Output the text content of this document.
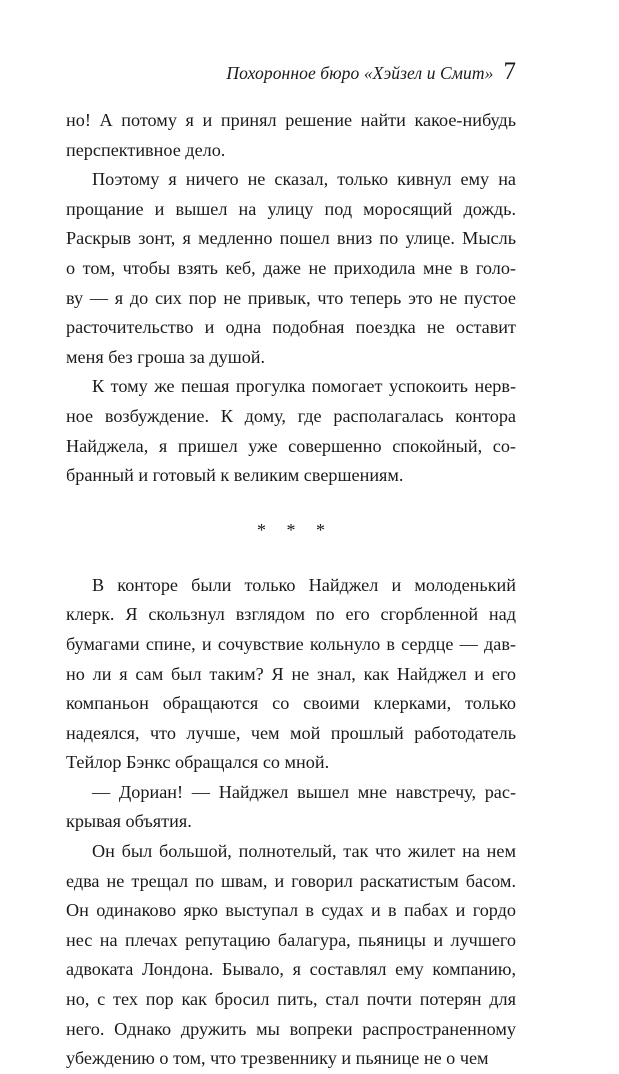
Похоронное бюро «Хэйзел и Смит» 7

но! А потому я и принял решение найти какое-нибудь
перспективное дело.

Поэтому я ничего не сказал, только кивнул ему на
прощание и вышел на улицу под моросящий дождь.
Раскрыв зонт, я медленно пошел вниз по улице. Мысль
о том, чтобы взять кеб, даже не приходила мне в голо-
ву — я до сих пор не привык, что теперь это не пустое
расточительство и одна подобная поездка не оставит
меня без гроша за душой.

К тому же пешая прогулка помогает успокоить нерв-
ное возбуждение. К дому, где располагалась контора
Найджела, я пришел уже совершенно спокойный, со-
бранный и готовый к великим свершениям.

* * *

В конторе были только Найджел и молоденький
клерк. Я скользнул взглядом по его сгорбленной над
бумагами спине, и сочувствие кольнуло в сердце — дав-
но ли я сам был таким? Я не знал, как Найджел и его
компаньон обращаются со своими клерками, только
надеялся, что лучше, чем мой прошлый работодатель
Тейлор Бэнкс обращался со мной.

— Дориан! — Найджел вышел мне навстречу, рас-
крывая объятия.

Он был большой, полнотелый, так что жилет на нем
едва не трещал по швам, и говорил раскатистым басом.
Он одинаково ярко выступал в судах и в пабах и гордо
нес на плечах репутацию балагура, пьяницы и лучшего
адвоката Лондона. Бывало, я составлял ему компанию,
но, с тех пор как бросил пить, стал почти потерян для
него. Однако дружить мы вопреки распространенному
убеждению о том, что трезвеннику и пьянице не о чем
